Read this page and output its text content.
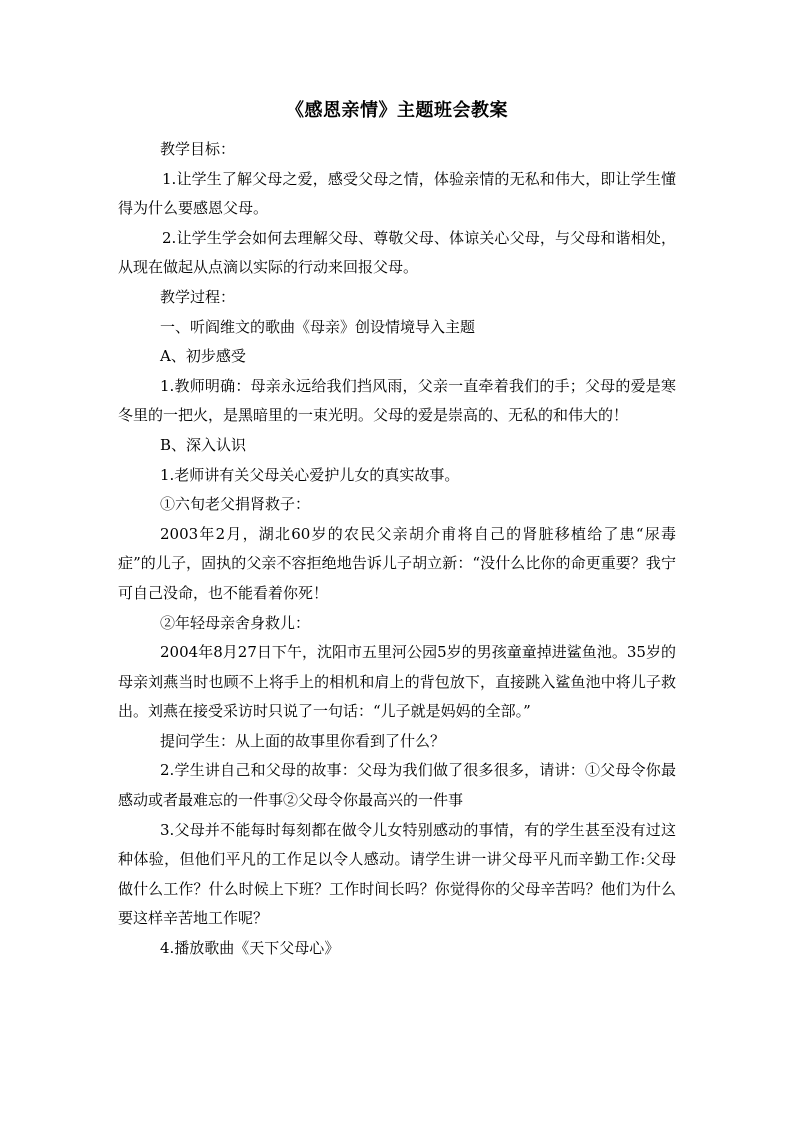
《感恩亲情》主题班会教案

教学目标：

1.让学生了解父母之爱，感受父母之情，体验亲情的无私和伟大，即让学生懂得为什么要感恩父母。

2.让学生学会如何去理解父母、尊敬父母、体谅关心父母，与父母和谐相处，从现在做起从点滴以实际的行动来回报父母。

教学过程：

一、听阎维文的歌曲《母亲》创设情境导入主题

A、初步感受

1.教师明确：母亲永远给我们挡风雨，父亲一直牵着我们的手；父母的爱是寒冬里的一把火，是黑暗里的一束光明。父母的爱是崇高的、无私的和伟大的！

B、深入认识

1.老师讲有关父母关心爱护儿女的真实故事。

①六旬老父捐肾救子：

2003年2月，湖北60岁的农民父亲胡介甫将自己的肾脏移植给了患“尿毒症”的儿子，固执的父亲不容拒绝地告诉儿子胡立新：“没什么比你的命更重要？我宁可自己没命，也不能看着你死！

②年轻母亲舍身救儿：

2004年8月27日下午，沈阳市五里河公园5岁的男孩童童掉进鲨鱼池。35岁的母亲刘燕当时也顾不上将手上的相机和肩上的背包放下，直接跳入鲨鱼池中将儿子救出。刘燕在接受采访时只说了一句话：“儿子就是妈妈的全部。”

提问学生：从上面的故事里你看到了什么？

2.学生讲自己和父母的故事：父母为我们做了很多很多，请讲：①父母令你最感动或者最难忘的一件事②父母令你最高兴的一件事

3.父母并不能每时每刻都在做令儿女特别感动的事情，有的学生甚至没有过这种体验，但他们平凡的工作足以令人感动。请学生讲一讲父母平凡而辛勤工作:父母做什么工作？什么时候上下班？工作时间长吗？你觉得你的父母辛苦吗？他们为什么要这样辛苦地工作呢？

4.播放歌曲《天下父母心》
